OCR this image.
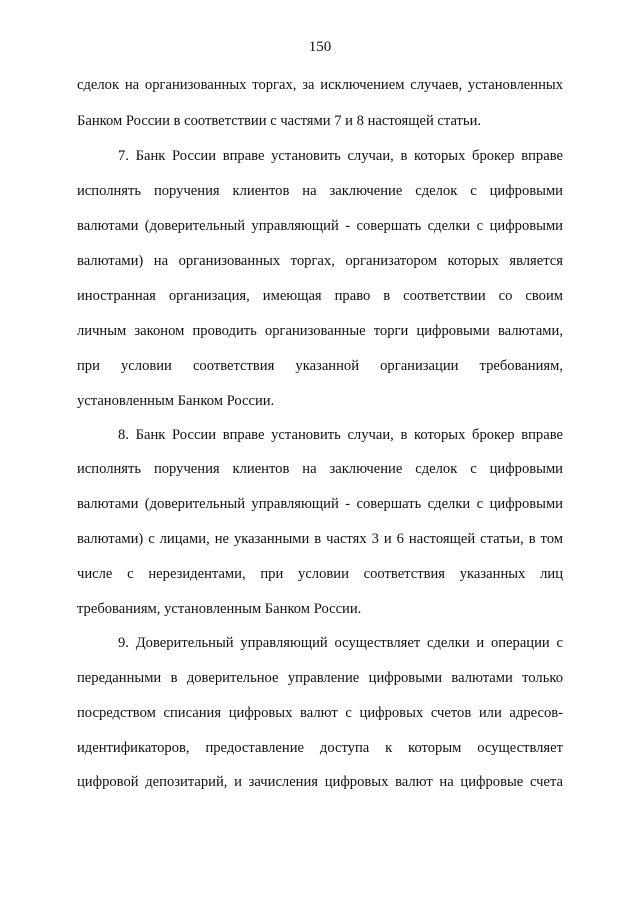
150
сделок на организованных торгах, за исключением случаев, установленных
Банком России в соответствии с частями 7 и 8 настоящей статьи.
7. Банк России вправе установить случаи, в которых брокер вправе
исполнять поручения клиентов на заключение сделок с цифровыми
валютами (доверительный управляющий - совершать сделки с цифровыми
валютами) на организованных торгах, организатором которых является
иностранная организация, имеющая право в соответствии со своим
личным законом проводить организованные торги цифровыми валютами,
при условии соответствия указанной организации требованиям,
установленным Банком России.
8. Банк России вправе установить случаи, в которых брокер вправе
исполнять поручения клиентов на заключение сделок с цифровыми
валютами (доверительный управляющий - совершать сделки с цифровыми
валютами) с лицами, не указанными в частях 3 и 6 настоящей статьи, в том
числе с нерезидентами, при условии соответствия указанных лиц
требованиям, установленным Банком России.
9. Доверительный управляющий осуществляет сделки и операции с
переданными в доверительное управление цифровыми валютами только
посредством списания цифровых валют с цифровых счетов или адресов-
идентификаторов, предоставление доступа к которым осуществляет
цифровой депозитарий, и зачисления цифровых валют на цифровые счета
